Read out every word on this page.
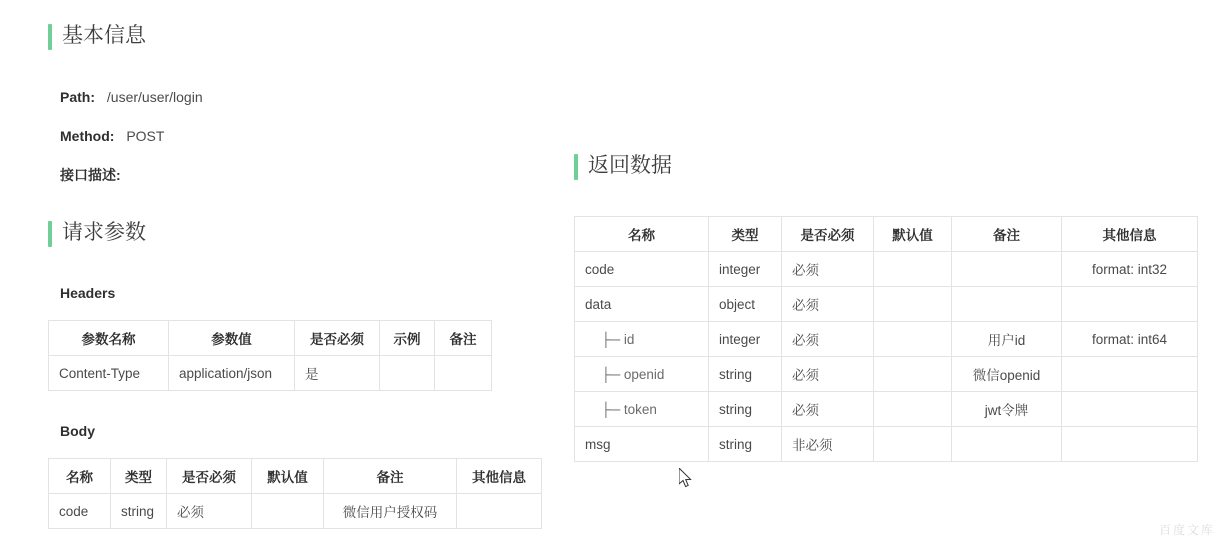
基本信息
Path: /user/user/login
Method: POST
接口描述:
请求参数
Headers
参数名称	参数值	是否必须	示例	备注
Content-Type	application/json	是		
Body
名称	类型	是否必须	默认值	备注	其他信息
code	string	必须		微信用户授权码	
返回数据
名称	类型	是否必须	默认值	备注	其他信息
code	integer	必须			format: int32
data	object	必须			
├─ id	integer	必须		用户id	format: int64
├─ openid	string	必须		微信openid	
├─ token	string	必须		jwt令牌	
msg	string	非必须			
百度文库
